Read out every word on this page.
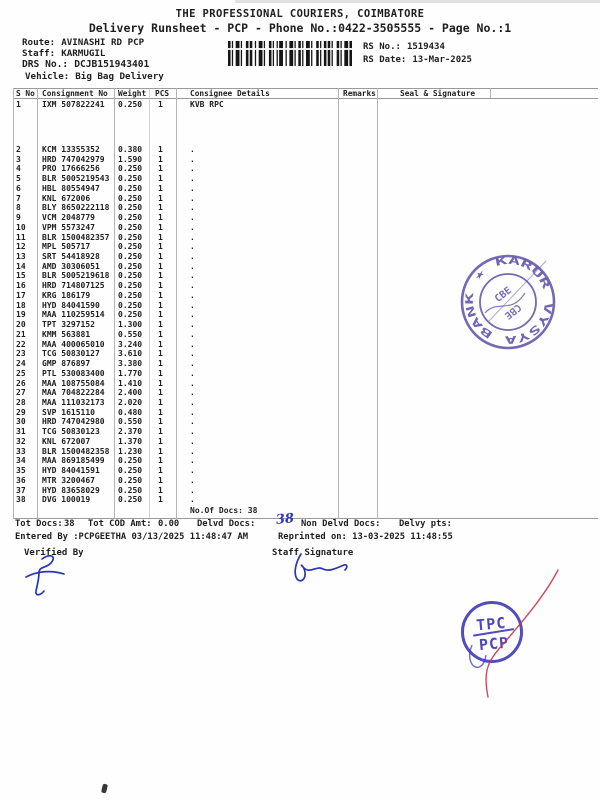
THE PROFESSIONAL COURIERS, COIMBATORE
Delivery Runsheet - PCP - Phone No.:0422-3505555 - Page No.:1
Route: AVINASHI RD PCP
Staff: KARMUGIL
DRS No.: DCJB151943401
Vehicle: Big Bag Delivery
RS No.: 1519434
RS Date: 13-Mar-2025
S No Consignment No Weight PCS	Consignee Details	Remarks	Seal & Signature
1	IXM 507822241 0.250 1	KVB RPC
2	KCM 13355352 0.380 1	.
3	HRD 747042979 1.590 1	.
4	PRO 17666256 0.250 1	.
5	BLR 5005219543 0.250 1	.
6	HBL 80554947 0.250 1	.
7	KNL 672006	0.250 1	.
8	BLY 8650222118 0.250 1	.
9	VCM 2048779	0.250 1	.
10 VPM 5573247	0.250 1	.
11 BLR 1500482357 0.250 1	.
12 MPL 505717	0.250 1	.
13 SRT 54418928 0.250 1	.
14 AMD 30306051 0.250 1	.
15 BLR 5005219618 0.250 1	.
16 HRD 714807125 0.250 1	.
17 KRG 186179	0.250 1	.
18 HYD 84041590 0.250 1	.
19 MAA 110259514 0.250 1	.
20 TPT 3297152	1.300 1	.
21 KMM 563881	0.550 1	.
22 MAA 400065010 3.240 1	.
23 TCG 50830127 3.610 1	.
24 GMP 876897	3.380 1	.
25 PTL 530083400 1.770 1	.
26 MAA 108755084 1.410 1	.
27 MAA 704822284 2.400 1	.
28 MAA 111032173 2.020 1	.
29 SVP 1615110	0.480 1	.
30 HRD 747042980 0.550 1	.
31 TCG 50830123 2.370 1	.
32 KNL 672007	1.370 1	.
33 BLR 1500482358 1.230 1	.
34 MAA 869185499 0.250 1	.
35 HYD 84041591 0.250 1	.
36 MTR 3200467	0.250 1	.
37 HYD 83658029 0.250 1	.
38 DVG 100019	0.250 1	.
No.Of Docs: 38
★ KARUR VYSYA BANK	CBE
CBE
Tot Docs: 38 Tot COD Amt: 0.00 Delvd Docs: 38 Non Delvd Docs: Delvy pts:
Entered By :PCPGEETHA 03/13/2025 11:48:47 AM	Reprinted on: 13-03-2025 11:48:55
Verified By	Staff Signature
TPC
PCP
